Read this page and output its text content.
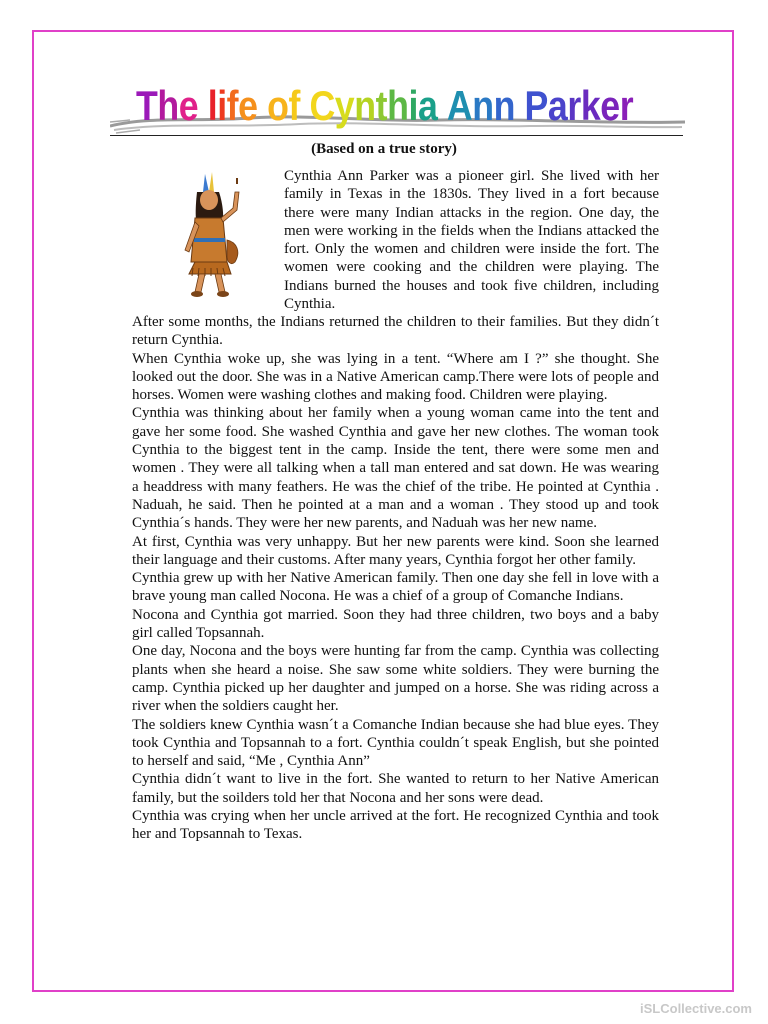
The life of Cynthia Ann Parker
(Based on a true story)

Cynthia Ann Parker was a pioneer girl. She lived with her family in Texas in the 1830s. They lived in a fort because there were many Indian attacks in the region. One day, the men were working in the fields when the Indians attacked the fort. Only the women and children were inside the fort. The women were cooking and the children were playing. The Indians burned the houses and took five children, including Cynthia.

After some months, the Indians returned the children to their families. But they didn´t return Cynthia.

When Cynthia woke up, she was lying in a tent. “Where am I ?” she thought. She looked out the door. She was in a Native American camp.There were lots of people and horses. Women were washing clothes and making food. Children were playing.

Cynthia was thinking about her family when a young woman came into the tent and gave her some food. She washed Cynthia and gave her new clothes. The woman took Cynthia to the biggest tent in the camp. Inside the tent, there were some men and women . They were all talking when a tall man entered and sat down. He was wearing a headdress with many feathers. He was the chief of the tribe. He pointed at Cynthia . Naduah, he said. Then he pointed at a man and a woman . They stood up and took Cynthia´s hands. They were her new parents, and Naduah was her new name.

At first, Cynthia was very unhappy. But her new parents were kind. Soon she learned their language and their customs. After many years, Cynthia forgot her other family.

Cynthia grew up with her Native American family. Then one day she fell in love with a brave young man called Nocona. He was a chief of a group of Comanche Indians.

Nocona and Cynthia got married. Soon they had three children, two boys and a baby girl called Topsannah.

One day, Nocona and the boys were hunting far from the camp. Cynthia was collecting plants when she heard a noise. She saw some white soldiers. They were burning the camp. Cynthia picked up her daughter and jumped on a horse. She was riding across a river when the soldiers caught her.

The soldiers knew Cynthia wasn´t a Comanche Indian because she had blue eyes. They took Cynthia and Topsannah to a fort. Cynthia couldn´t speak English, but she pointed to herself and said, “Me , Cynthia Ann”

Cynthia didn´t want to live in the fort. She wanted to return to her Native American family, but the soilders told her that Nocona and her sons were dead.

Cynthia was crying when her uncle arrived at the fort. He recognized Cynthia and took her and Topsannah to Texas.

iSLCollective.com
